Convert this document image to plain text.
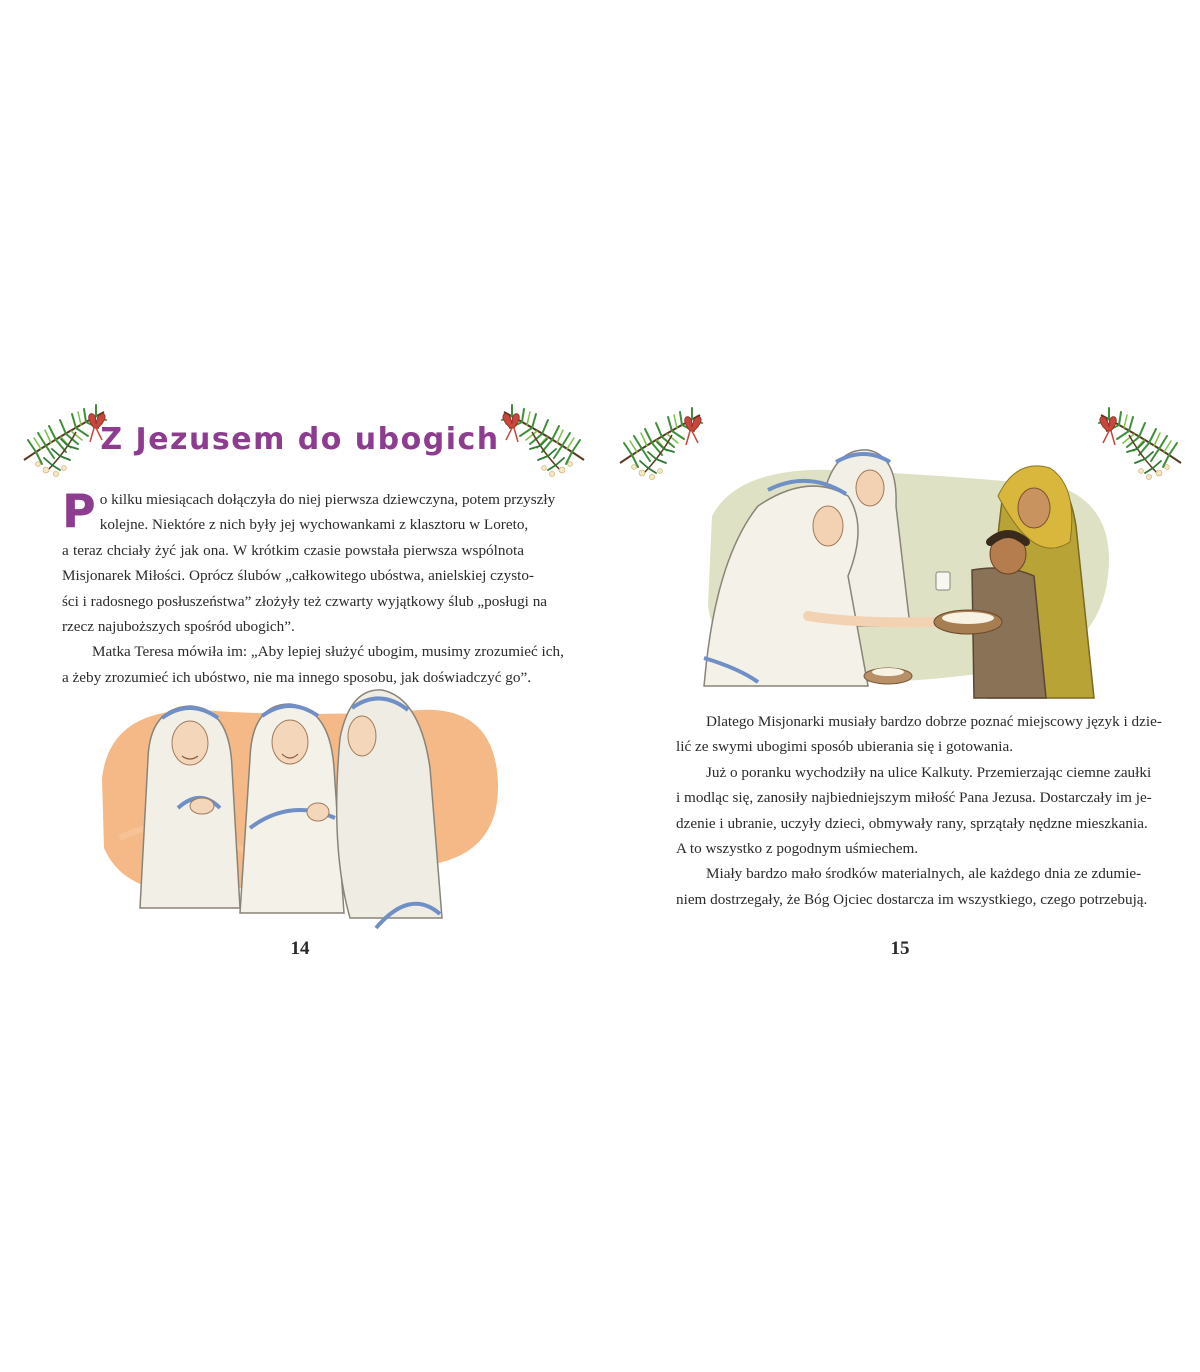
Z Jezusem do ubogich

P o kilku miesiącach dołączyła do niej pierwsza dziewczyna, potem przyszły
kolejne. Niektóre z nich były jej wychowankami z klasztoru w Loreto,
a teraz chciały żyć jak ona. W krótkim czasie powstała pierwsza wspólnota
Misjonarek Miłości. Oprócz ślubów „całkowitego ubóstwa, anielskiej czysto-
ści i radosnego posłuszeństwa” złożyły też czwarty wyjątkowy ślub „posługi na
rzecz najuboższych spośród ubogich”.

Matka Teresa mówiła im: „Aby lepiej służyć ubogim, musimy zrozumieć ich,
a żeby zrozumieć ich ubóstwo, nie ma innego sposobu, jak doświadczyć go”.

14

Dlatego Misjonarki musiały bardzo dobrze poznać miejscowy język i dzie-
lić ze swymi ubogimi sposób ubierania się i gotowania.

Już o poranku wychodziły na ulice Kalkuty. Przemierzając ciemne zaułki
i modląc się, zanosiły najbiedniejszym miłość Pana Jezusa. Dostarczały im je-
dzenie i ubranie, uczyły dzieci, obmywały rany, sprzątały nędzne mieszkania.
A to wszystko z pogodnym uśmiechem.

Miały bardzo mało środków materialnych, ale każdego dnia ze zdumie-
niem dostrzegały, że Bóg Ojciec dostarcza im wszystkiego, czego potrzebują.

15
